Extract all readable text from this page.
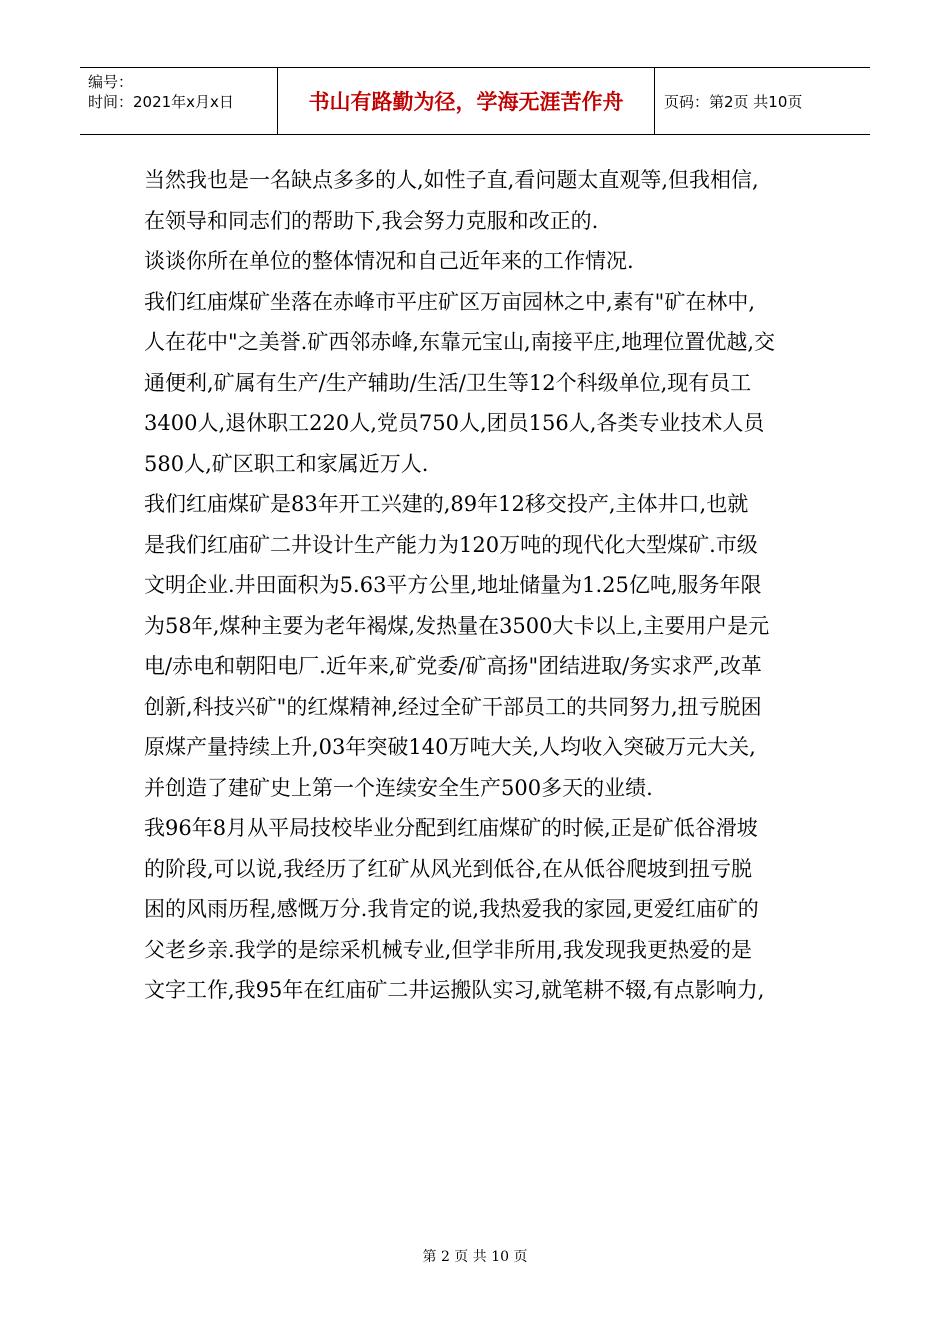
编号：
时间：2021年x月x日	书山有路勤为径，学海无涯苦作舟	页码：第2页 共10页
当然我也是一名缺点多多的人,如性子直,看问题太直观等,但我相信,
在领导和同志们的帮助下,我会努力克服和改正的.
谈谈你所在单位的整体情况和自己近年来的工作情况.
我们红庙煤矿坐落在赤峰市平庄矿区万亩园林之中,素有"矿在林中,
人在花中"之美誉.矿西邻赤峰,东靠元宝山,南接平庄,地理位置优越,交
通便利,矿属有生产/生产辅助/生活/卫生等12个科级单位,现有员工
3400人,退休职工220人,党员750人,团员156人,各类专业技术人员
580人,矿区职工和家属近万人.
我们红庙煤矿是83年开工兴建的,89年12移交投产,主体井口,也就
是我们红庙矿二井设计生产能力为120万吨的现代化大型煤矿.市级
文明企业.井田面积为5.63平方公里,地址储量为1.25亿吨,服务年限
为58年,煤种主要为老年褐煤,发热量在3500大卡以上,主要用户是元
电/赤电和朝阳电厂.近年来,矿党委/矿高扬"团结进取/务实求严,改革
创新,科技兴矿"的红煤精神,经过全矿干部员工的共同努力,扭亏脱困
原煤产量持续上升,03年突破140万吨大关,人均收入突破万元大关,
并创造了建矿史上第一个连续安全生产500多天的业绩.
我96年8月从平局技校毕业分配到红庙煤矿的时候,正是矿低谷滑坡
的阶段,可以说,我经历了红矿从风光到低谷,在从低谷爬坡到扭亏脱
困的风雨历程,感慨万分.我肯定的说,我热爱我的家园,更爱红庙矿的
父老乡亲.我学的是综采机械专业,但学非所用,我发现我更热爱的是
文字工作,我95年在红庙矿二井运搬队实习,就笔耕不辍,有点影响力,
第 2 页 共 10 页
